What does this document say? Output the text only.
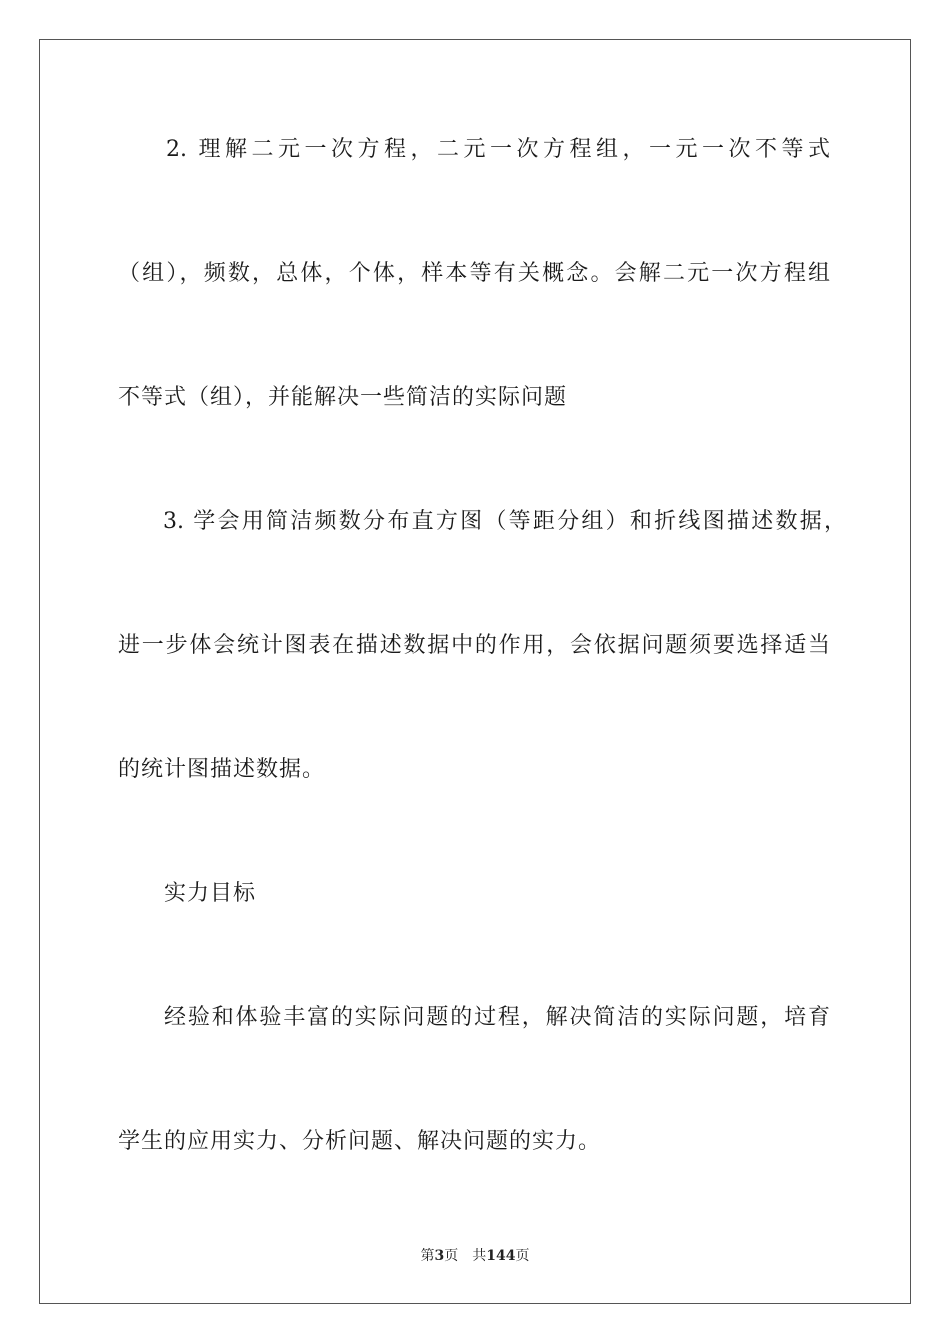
2. 理解二元一次方程，二元一次方程组，一元一次不等式
（组），频数，总体，个体，样本等有关概念。会解二元一次方程组
不等式（组），并能解决一些简洁的实际问题
3. 学会用简洁频数分布直方图（等距分组）和折线图描述数据，
进一步体会统计图表在描述数据中的作用，会依据问题须要选择适当
的统计图描述数据。
实力目标
经验和体验丰富的实际问题的过程，解决简洁的实际问题，培育
学生的应用实力、分析问题、解决问题的实力。
第3页 共144页
